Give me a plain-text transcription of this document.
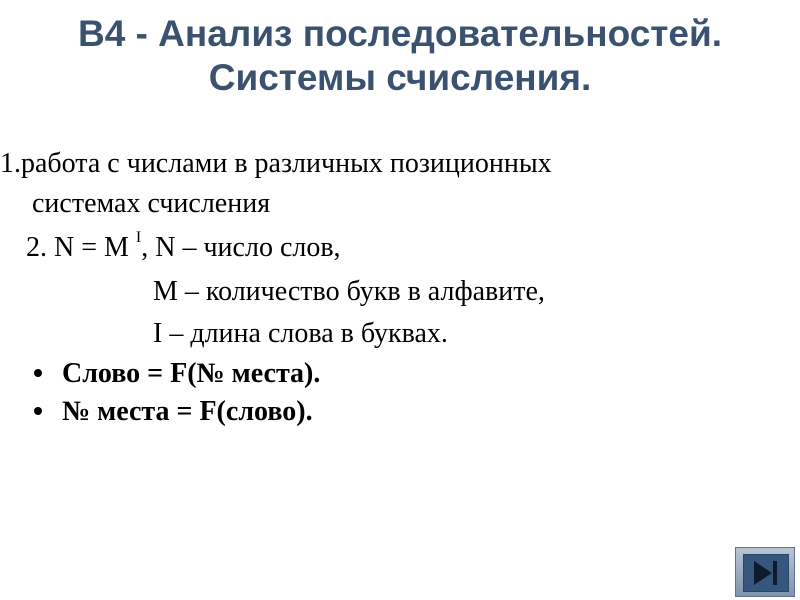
В4 - Анализ последовательностей.
Системы счисления.
1.работа с числами в различных позиционных
системах счисления
2. N = M $^I$, N – число слов,
M – количество букв в алфавите,
I – длина слова в буквах.
Слово = F(№ места).
№ места = F(слово).
